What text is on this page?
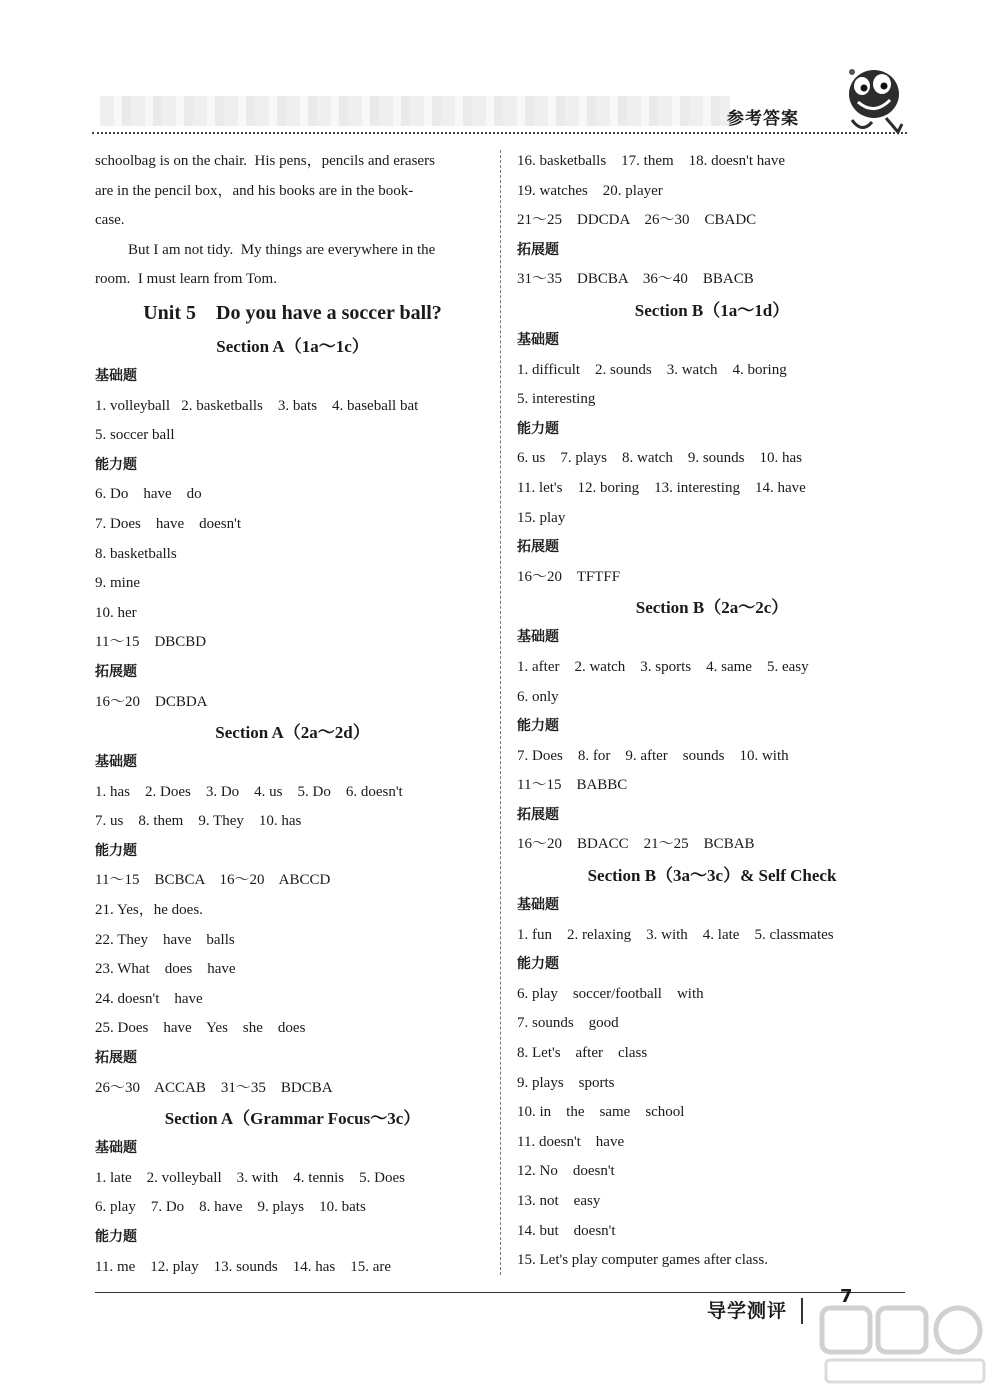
参考答案
schoolbag is on the chair.  His pens，pencils and erasers
are in the pencil box，and his books are in the book-
case.
But I am not tidy.  My things are everywhere in the
room.  I must learn from Tom.
Unit 5    Do you have a soccer ball?
Section A（1a～1c）
基础题
1. volleyball   2. basketballs    3. bats    4. baseball bat
5. soccer ball
能力题
6. Do    have    do
7. Does    have    doesn't
8. basketballs
9. mine
10. her
11～15    DBCBD
拓展题
16～20    DCBDA
Section A（2a～2d）
基础题
1. has    2. Does    3. Do    4. us    5. Do    6. doesn't
7. us    8. them    9. They    10. has
能力题
11～15    BCBCA    16～20    ABCCD
21. Yes，he does.
22. They    have    balls
23. What    does    have
24. doesn't    have
25. Does    have    Yes    she    does
拓展题
26～30    ACCAB    31～35    BDCBA
Section A（Grammar Focus～3c）
基础题
1. late    2. volleyball    3. with    4. tennis    5. Does
6. play    7. Do    8. have    9. plays    10. bats
能力题
11. me    12. play    13. sounds    14. has    15. are
16. basketballs    17. them    18. doesn't have
19. watches    20. player
21～25    DDCDA    26～30    CBADC
拓展题
31～35    DBCBA    36～40    BBACB
Section B（1a～1d）
基础题
1. difficult    2. sounds    3. watch    4. boring
5. interesting
能力题
6. us    7. plays    8. watch    9. sounds    10. has
11. let's    12. boring    13. interesting    14. have
15. play
拓展题
16～20    TFTFF
Section B（2a～2c）
基础题
1. after    2. watch    3. sports    4. same    5. easy
6. only
能力题
7. Does    8. for    9. after    sounds    10. with
11～15    BABBC
拓展题
16～20    BDACC    21～25    BCBAB
Section B（3a～3c）& Self Check
基础题
1. fun    2. relaxing    3. with    4. late    5. classmates
能力题
6. play    soccer/football    with
7. sounds    good
8. Let's    after    class
9. plays    sports
10. in    the    same    school
11. doesn't    have
12. No    doesn't
13. not    easy
14. but    doesn't
15. Let's play computer games after class.
导学测评
7
